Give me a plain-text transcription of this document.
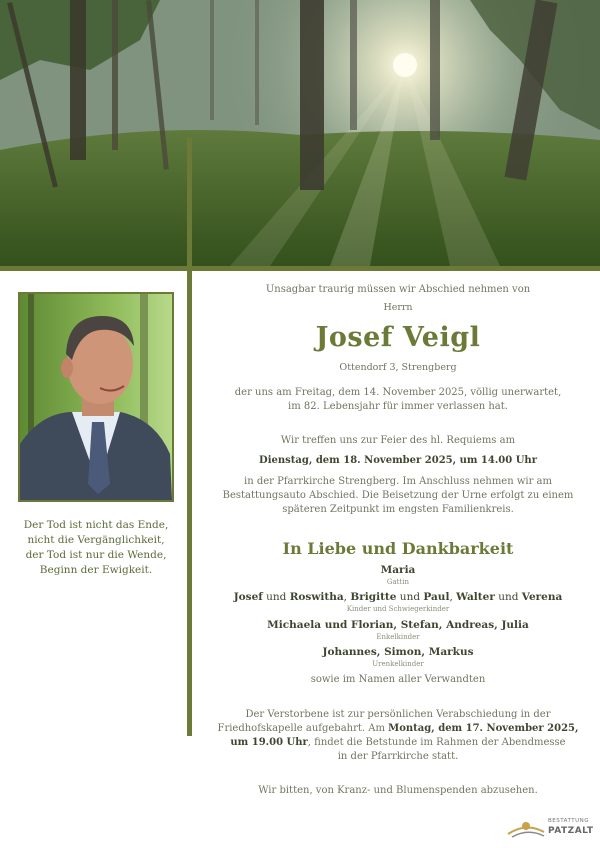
Der Tod ist nicht das Ende,
nicht die Vergänglichkeit,
der Tod ist nur die Wende,
Beginn der Ewigkeit.
Unsagbar traurig müssen wir Abschied nehmen von
Herrn
Josef Veigl
Ottendorf 3, Strengberg
der uns am Freitag, dem 14. November 2025, völlig unerwartet,
im 82. Lebensjahr für immer verlassen hat.
Wir treffen uns zur Feier des hl. Requiems am
Dienstag, dem 18. November 2025, um 14.00 Uhr
in der Pfarrkirche Strengberg. Im Anschluss nehmen wir am
Bestattungsauto Abschied. Die Beisetzung der Urne erfolgt zu einem
späteren Zeitpunkt im engsten Familienkreis.
In Liebe und Dankbarkeit
Maria
Gattin
Josef und Roswitha, Brigitte und Paul, Walter und Verena
Kinder und Schwiegerkinder
Michaela und Florian, Stefan, Andreas, Julia
Enkelkinder
Johannes, Simon, Markus
Urenkelkinder
sowie im Namen aller Verwandten
Der Verstorbene ist zur persönlichen Verabschiedung in der
Friedhofskapelle aufgebahrt. Am Montag, dem 17. November 2025,
um 19.00 Uhr, findet die Betstunde im Rahmen der Abendmesse
in der Pfarrkirche statt.
Wir bitten, von Kranz- und Blumenspenden abzusehen.
BESTATTUNG
PATZALT
